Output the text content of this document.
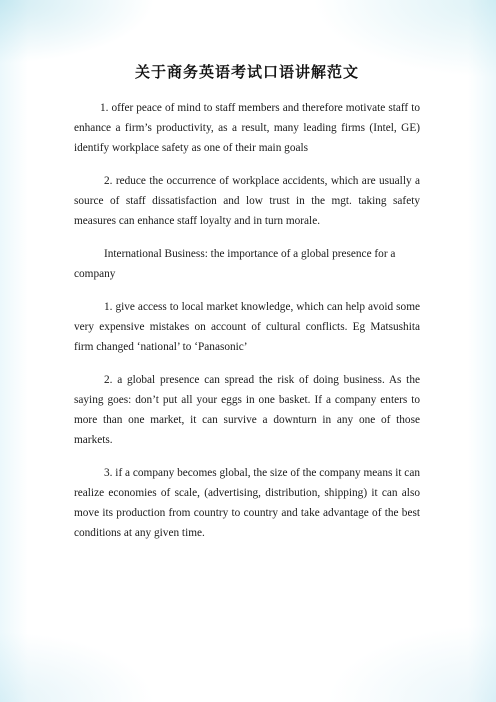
关于商务英语考试口语讲解范文

1. offer peace of mind to staff members and therefore motivate staff to enhance a firm’s productivity, as a result, many leading firms (Intel, GE) identify workplace safety as one of their main goals

2. reduce the occurrence of workplace accidents, which are usually a source of staff dissatisfaction and low trust in the mgt. taking safety measures can enhance staff loyalty and in turn morale.

International Business: the importance of a global presence for a company

1. give access to local market knowledge, which can help avoid some very expensive mistakes on account of cultural conflicts. Eg Matsushita firm changed ‘national’ to ‘Panasonic’

2. a global presence can spread the risk of doing business. As the saying goes: don’t put all your eggs in one basket. If a company enters to more than one market, it can survive a downturn in any one of those markets.

3. if a company becomes global, the size of the company means it can realize economies of scale, (advertising, distribution, shipping) it can also move its production from country to country and take advantage of the best conditions at any given time.
